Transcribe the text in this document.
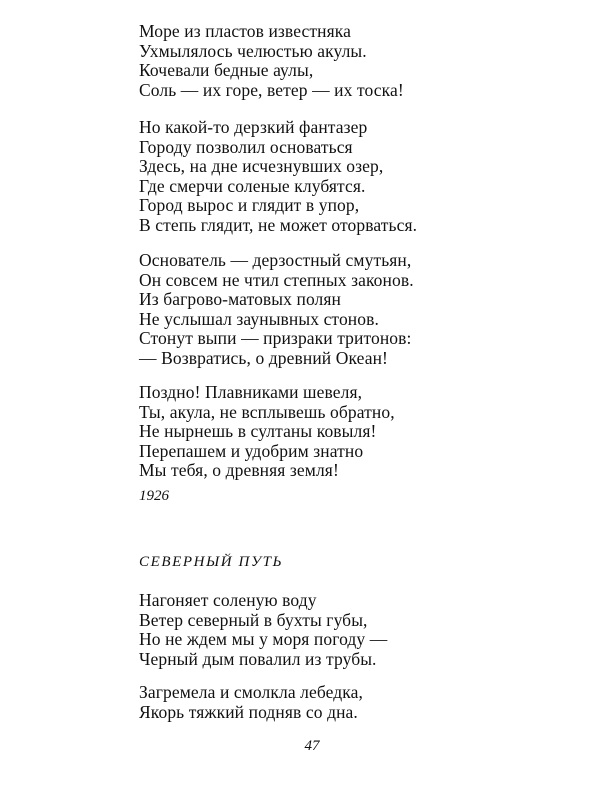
Море из пластов известняка
Ухмылялось челюстью акулы.
Кочевали бедные аулы,
Соль — их горе, ветер — их тоска!
Но какой-то дерзкий фантазер
Городу позволил основаться
Здесь, на дне исчезнувших озер,
Где смерчи соленые клубятся.
Город вырос и глядит в упор,
В степь глядит, не может оторваться.
Основатель — дерзостный смутьян,
Он совсем не чтил степных законов.
Из багрово-матовых полян
Не услышал заунывных стонов.
Стонут выпи — призраки тритонов:
— Возвратись, о древний Океан!
Поздно! Плавниками шевеля,
Ты, акула, не всплывешь обратно,
Не нырнешь в султаны ковыля!
Перепашем и удобрим знатно
Мы тебя, о древняя земля!
1926
СЕВЕРНЫЙ ПУТЬ
Нагоняет соленую воду
Ветер северный в бухты губы,
Но не ждем мы у моря погоду —
Черный дым повалил из трубы.
Загремела и смолкла лебедка,
Якорь тяжкий подняв со дна.
47
